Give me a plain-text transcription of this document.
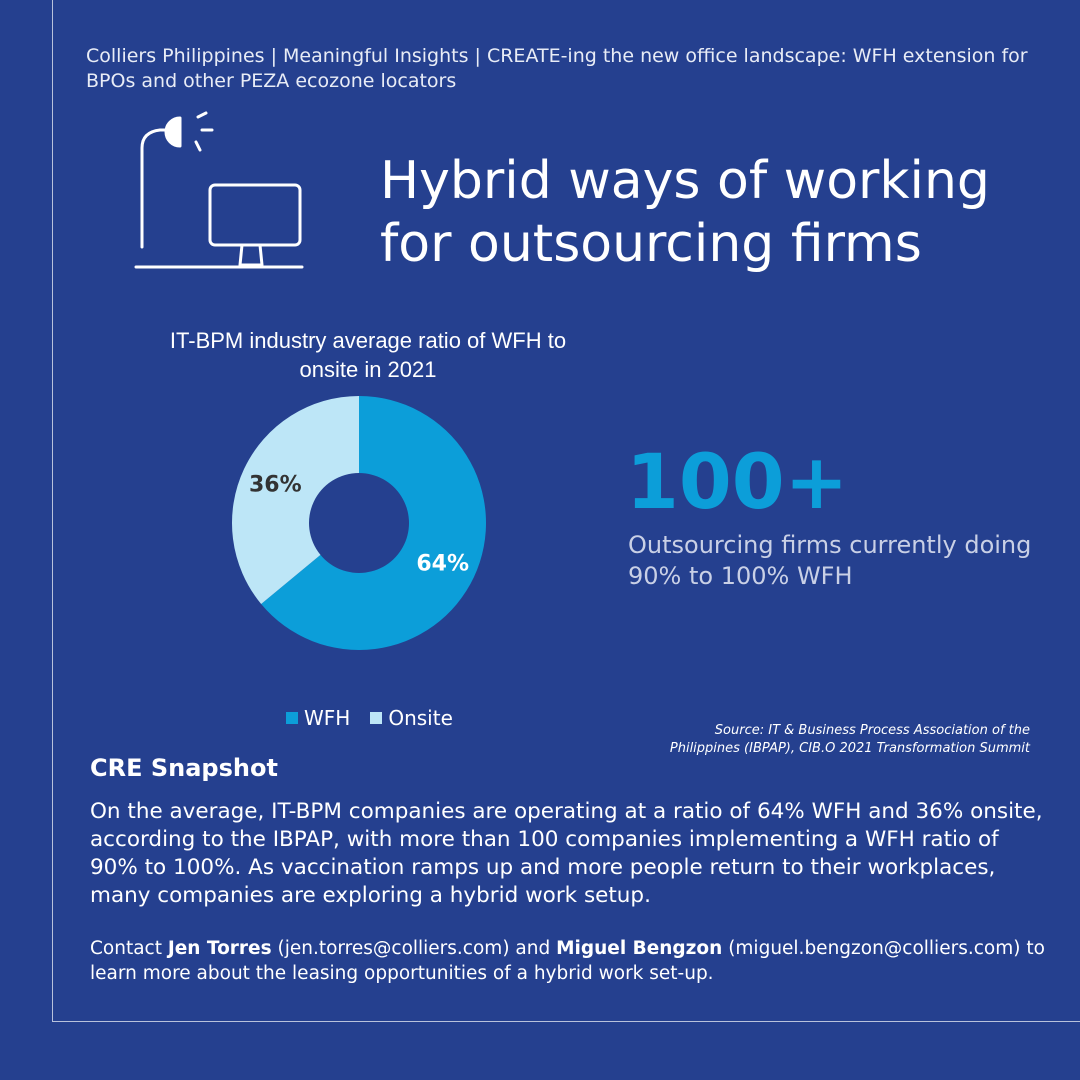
Colliers Philippines | Meaningful Insights | CREATE-ing the new office landscape: WFH extension for BPOs and other PEZA ecozone locators
Hybrid ways of working
for outsourcing firms
IT-BPM industry average ratio of WFH to onsite in 2021
64%
36%
WFH Onsite
100+
Outsourcing firms currently doing 90% to 100% WFH
Source: IT & Business Process Association of the
Philippines (IBPAP), CIB.O 2021 Transformation Summit
CRE Snapshot

On the average, IT-BPM companies are operating at a ratio of 64% WFH and 36% onsite, according to the IBPAP, with more than 100 companies implementing a WFH ratio of 90% to 100%. As vaccination ramps up and more people return to their workplaces, many companies are exploring a hybrid work setup.

Contact Jen Torres (jen.torres@colliers.com) and Miguel Bengzon (miguel.bengzon@colliers.com) to learn more about the leasing opportunities of a hybrid work set-up.
